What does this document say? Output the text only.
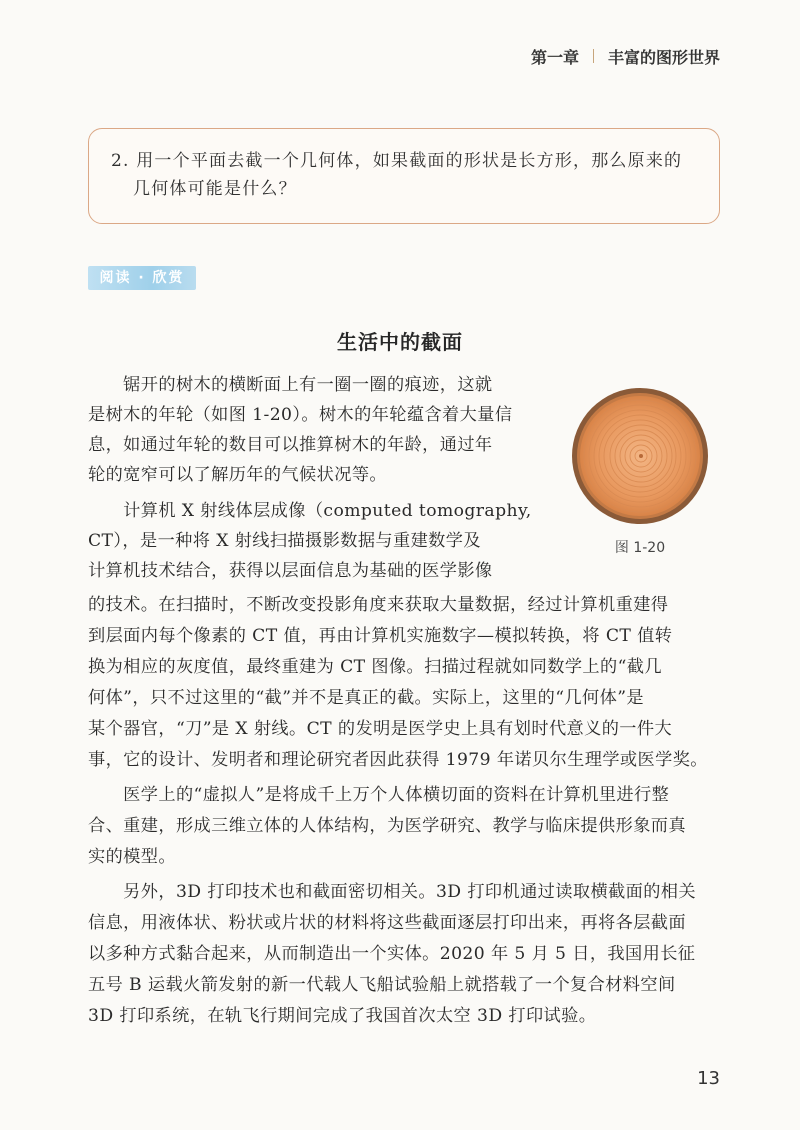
第一章 丰富的图形世界
2. 用一个平面去截一个几何体，如果截面的形状是长方形，那么原来的
几何体可能是什么？
阅读 · 欣赏
生活中的截面
　　锯开的树木的横断面上有一圈一圈的痕迹，这就
是树木的年轮（如图 1-20）。树木的年轮蕴含着大量信
息，如通过年轮的数目可以推算树木的年龄，通过年
轮的宽窄可以了解历年的气候状况等。
　　计算机 X 射线体层成像（computed tomography,
CT），是一种将 X 射线扫描摄影数据与重建数学及
计算机技术结合，获得以层面信息为基础的医学影像
的技术。在扫描时，不断改变投影角度来获取大量数据，经过计算机重建得
到层面内每个像素的 CT 值，再由计算机实施数字—模拟转换，将 CT 值转
换为相应的灰度值，最终重建为 CT 图像。扫描过程就如同数学上的“截几
何体”，只不过这里的“截”并不是真正的截。实际上，这里的“几何体”是
某个器官，“刀”是 X 射线。CT 的发明是医学史上具有划时代意义的一件大
事，它的设计、发明者和理论研究者因此获得 1979 年诺贝尔生理学或医学奖。
　　医学上的“虚拟人”是将成千上万个人体横切面的资料在计算机里进行整
合、重建，形成三维立体的人体结构，为医学研究、教学与临床提供形象而真
实的模型。
　　另外，3D 打印技术也和截面密切相关。3D 打印机通过读取横截面的相关
信息，用液体状、粉状或片状的材料将这些截面逐层打印出来，再将各层截面
以多种方式黏合起来，从而制造出一个实体。2020 年 5 月 5 日，我国用长征
五号 B 运载火箭发射的新一代载人飞船试验船上就搭载了一个复合材料空间
3D 打印系统，在轨飞行期间完成了我国首次太空 3D 打印试验。
图 1-20
13
